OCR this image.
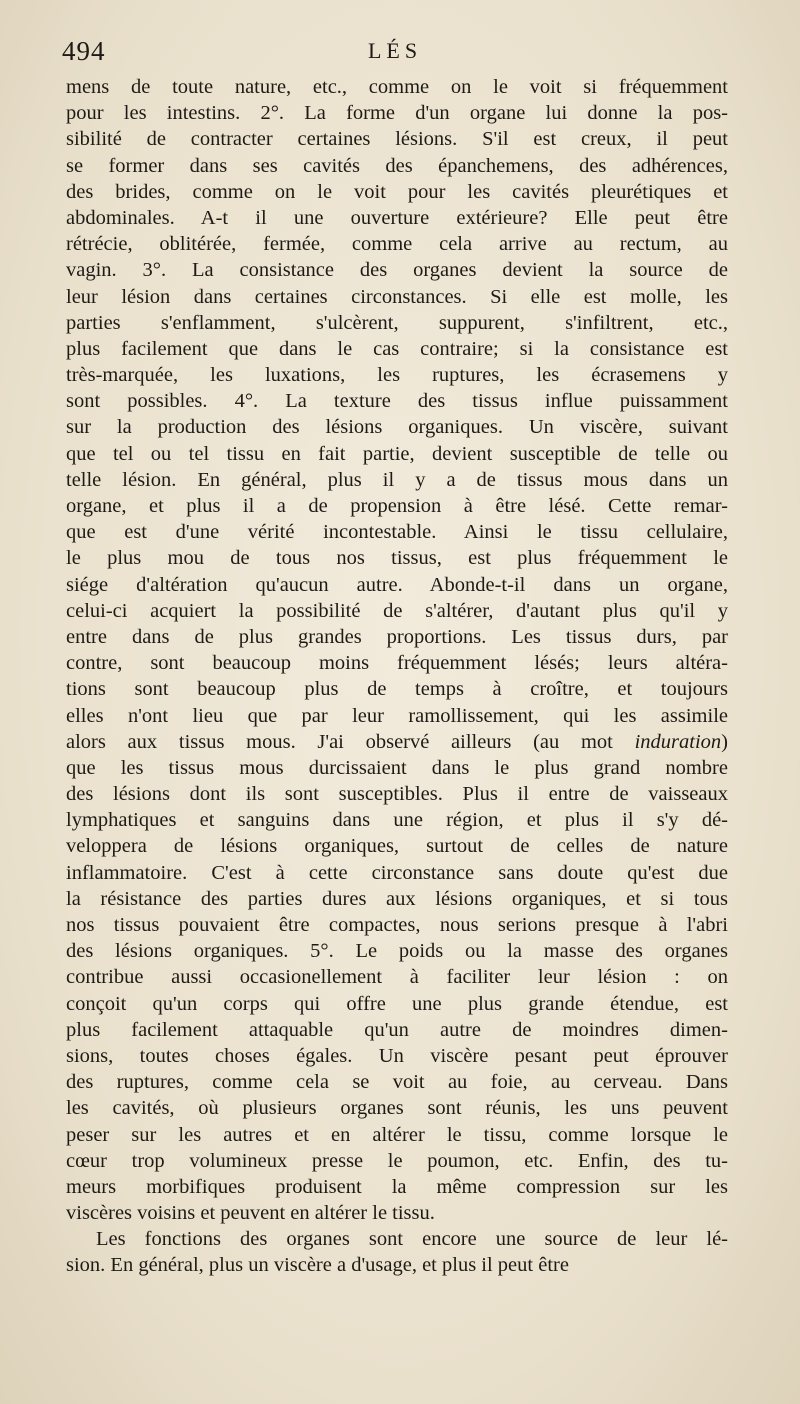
494	LÉS
mens de toute nature, etc., comme on le voit si fréquemment
pour les intestins. 2°. La forme d'un organe lui donne la pos-
sibilité de contracter certaines lésions. S'il est creux, il peut
se former dans ses cavités des épanchemens, des adhérences,
des brides, comme on le voit pour les cavités pleurétiques et
abdominales. A-t il une ouverture extérieure? Elle peut être
rétrécie, oblitérée, fermée, comme cela arrive au rectum, au
vagin. 3°. La consistance des organes devient la source de
leur lésion dans certaines circonstances. Si elle est molle, les
parties s'enflamment, s'ulcèrent, suppurent, s'infiltrent, etc.,
plus facilement que dans le cas contraire; si la consistance est
très-marquée, les luxations, les ruptures, les écrasemens y
sont possibles. 4°. La texture des tissus influe puissamment
sur la production des lésions organiques. Un viscère, suivant
que tel ou tel tissu en fait partie, devient susceptible de telle ou
telle lésion. En général, plus il y a de tissus mous dans un
organe, et plus il a de propension à être lésé. Cette remar-
que est d'une vérité incontestable. Ainsi le tissu cellulaire,
le plus mou de tous nos tissus, est plus fréquemment le
siége d'altération qu'aucun autre. Abonde-t-il dans un organe,
celui-ci acquiert la possibilité de s'altérer, d'autant plus qu'il y
entre dans de plus grandes proportions. Les tissus durs, par
contre, sont beaucoup moins fréquemment lésés; leurs altéra-
tions sont beaucoup plus de temps à croître, et toujours
elles n'ont lieu que par leur ramollissement, qui les assimile
alors aux tissus mous. J'ai observé ailleurs (au mot induration)
que les tissus mous durcissaient dans le plus grand nombre
des lésions dont ils sont susceptibles. Plus il entre de vaisseaux
lymphatiques et sanguins dans une région, et plus il s'y dé-
veloppera de lésions organiques, surtout de celles de nature
inflammatoire. C'est à cette circonstance sans doute qu'est due
la résistance des parties dures aux lésions organiques, et si tous
nos tissus pouvaient être compactes, nous serions presque à l'abri
des lésions organiques. 5°. Le poids ou la masse des organes
contribue aussi occasionellement à faciliter leur lésion : on
conçoit qu'un corps qui offre une plus grande étendue, est
plus facilement attaquable qu'un autre de moindres dimen-
sions, toutes choses égales. Un viscère pesant peut éprouver
des ruptures, comme cela se voit au foie, au cerveau. Dans
les cavités, où plusieurs organes sont réunis, les uns peuvent
peser sur les autres et en altérer le tissu, comme lorsque le
cœur trop volumineux presse le poumon, etc. Enfin, des tu-
meurs morbifiques produisent la même compression sur les
viscères voisins et peuvent en altérer le tissu.
Les fonctions des organes sont encore une source de leur lé-
sion. En général, plus un viscère a d'usage, et plus il peut être
